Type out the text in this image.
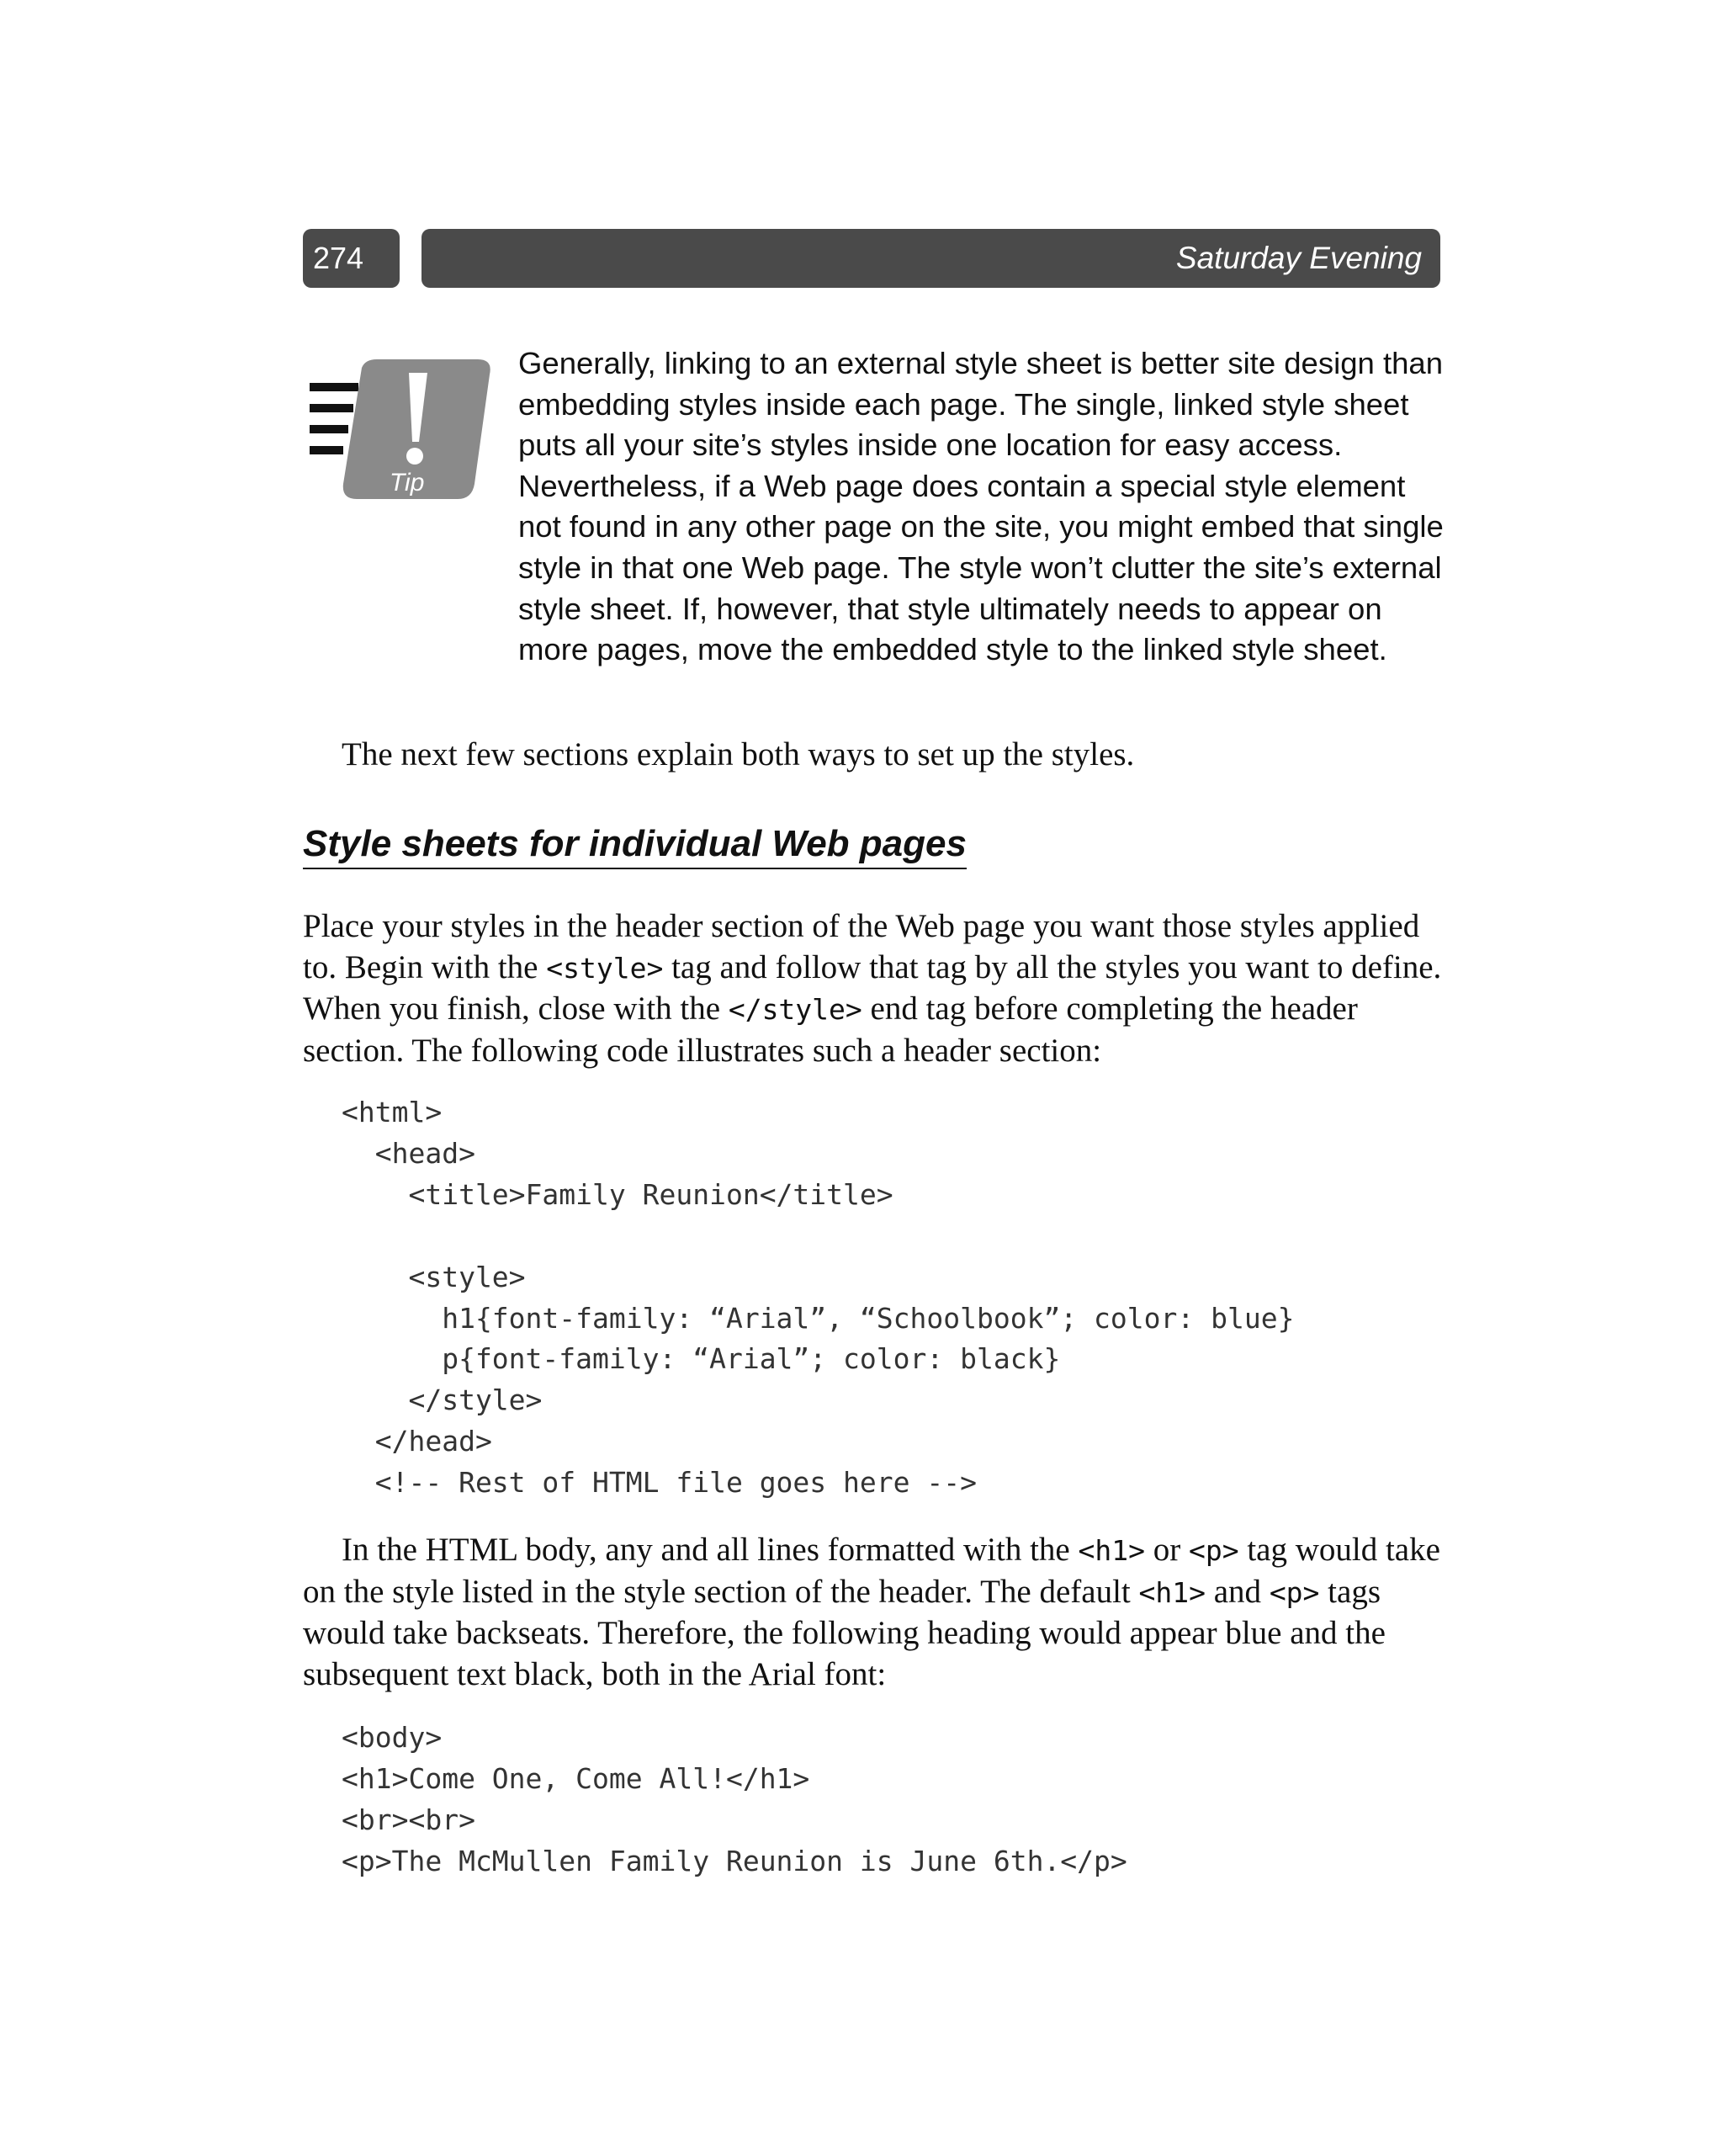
274	Saturday Evening
Tip

Generally, linking to an external style sheet is better site design than embedding styles inside each page. The single, linked style sheet puts all your site’s styles inside one location for easy access. Nevertheless, if a Web page does contain a special style element not found in any other page on the site, you might embed that single style in that one Web page. The style won’t clutter the site’s external style sheet. If, however, that style ultimately needs to appear on more pages, move the embedded style to the linked style sheet.

The next few sections explain both ways to set up the styles.

Style sheets for individual Web pages

Place your styles in the header section of the Web page you want those styles applied to. Begin with the <style> tag and follow that tag by all the styles you want to define. When you finish, close with the </style> end tag before completing the header section. The following code illustrates such a header section:

<html>
<head>
<title>Family Reunion</title>

<style>
h1{font-family: “Arial”, “Schoolbook”; color: blue}
p{font-family: “Arial”; color: black}
</style>
</head>
<!-- Rest of HTML file goes here -->

In the HTML body, any and all lines formatted with the <h1> or <p> tag would take on the style listed in the style section of the header. The default <h1> and <p> tags would take backseats. Therefore, the following heading would appear blue and the subsequent text black, both in the Arial font:

<body>
<h1>Come One, Come All!</h1>
<br><br>
<p>The McMullen Family Reunion is June 6th.</p>
